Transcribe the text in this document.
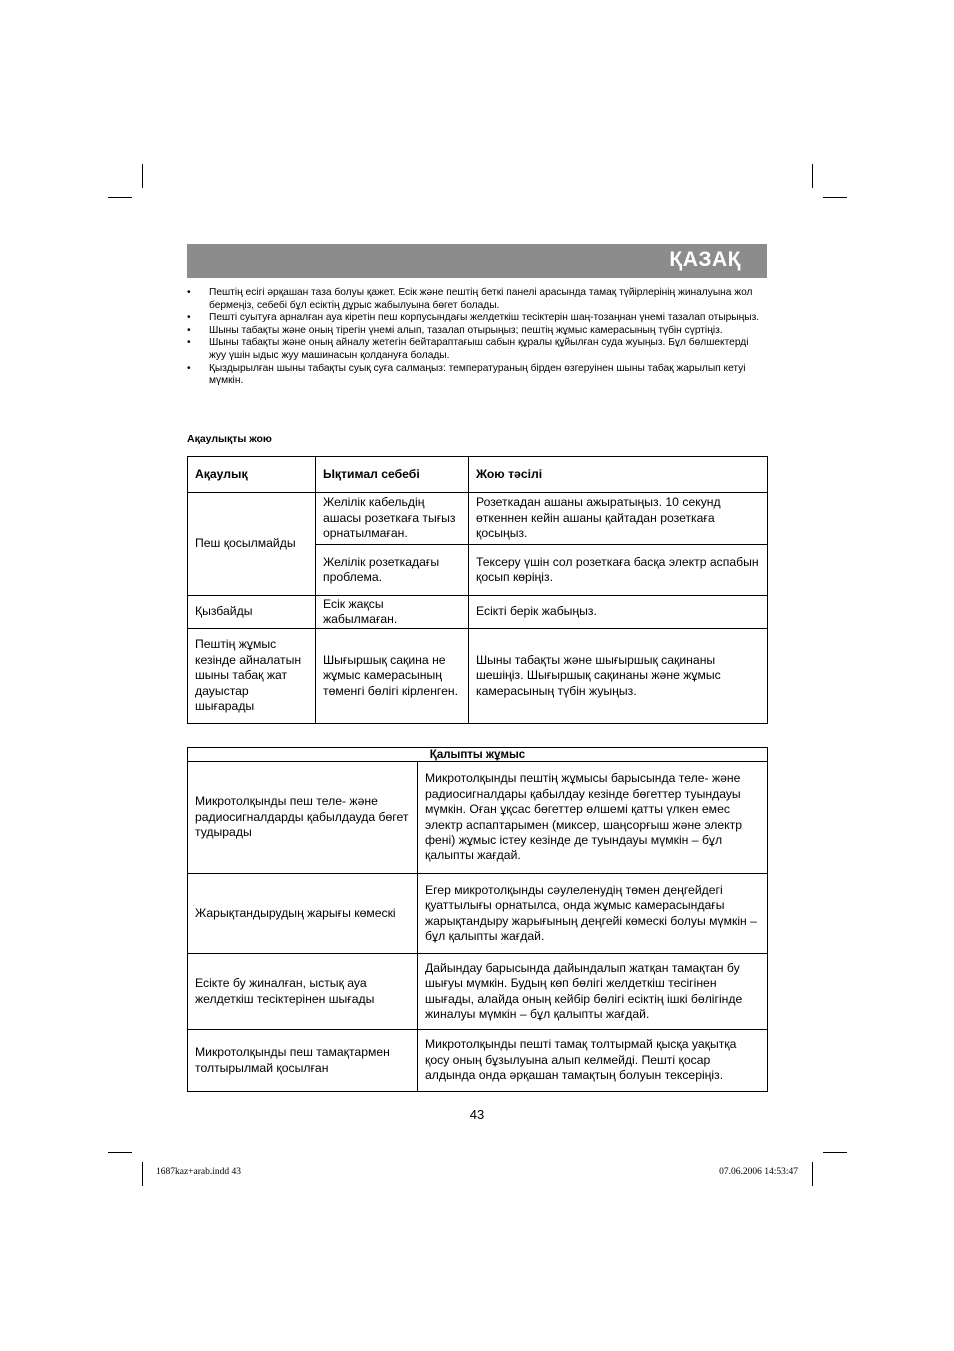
ҚАЗАҚ
• Пештің есігі әрқашан таза болуы қажет. Есік және пештің беткі панелі арасында тамақ түйірлерінің жиналуына жол бермеңіз, себебі бұл есіктің дұрыс жабылуына бөгет болады.
• Пешті суытуға арналған ауа кіретін пеш корпусындағы желдеткіш тесіктерін шаң-тозаңнан үнемі тазалап отырыңыз.
• Шыны табақты және оның тірегін үнемі алып, тазалап отырыңыз; пештің жұмыс камерасының түбін сүртіңіз.
• Шыны табақты және оның айналу жетегін бейтараптағыш сабын құралы құйылған суда жуыңыз. Бұл бөлшектерді жуу үшін ыдыс жуу машинасын қолдануға болады.
• Қыздырылған шыны табақты суық суға салмаңыз: температураның бірден өзгеруінен шыны табақ жарылып кетуі мүмкін.
Ақаулықты жою
Ақаулық	Ықтимал себебі	Жою тәсілі
Пеш қосылмайды	Желілік кабельдің ашасы розеткаға тығыз орнатылмаған.	Розеткадан ашаны ажыратыңыз. 10 секунд өткеннен кейін ашаны қайтадан розеткаға қосыңыз.
	Желілік розеткадағы проблема.	Тексеру үшін сол розеткаға басқа электр аспабын қосып көріңіз.
Қызбайды	Есік жақсы жабылмаған.	Есікті берік жабыңыз.
Пештің жұмыс кезінде айналатын шыны табақ жат дауыстар шығарады	Шығыршық сақина не жұмыс камерасының төменгі бөлігі кірленген.	Шыны табақты және шығыршық сақинаны шешіңіз. Шығыршық сақинаны және жұмыс камерасының түбін жуыңыз.
Қалыпты жұмыс	
Микротолқынды пеш теле- және радиосигналдарды қабылдауда бөгет тудырады	Микротолқынды пештің жұмысы барысында теле- және радиосигналдары қабылдау кезінде бөгеттер туындауы мүмкін. Оған ұқсас бөгеттер өлшемі қатты үлкен емес электр аспаптарымен (миксер, шаңсорғыш және электр фені) жұмыс істеу кезінде де туындауы мүмкін – бұл қалыпты жағдай.
Жарықтандырудың жарығы көмескі	Егер микротолқынды сәулеленудің төмен деңгейдегі қуаттылығы орнатылса, онда жұмыс камерасындағы жарықтандыру жарығының деңгейі көмескі болуы мүмкін – бұл қалыпты жағдай.
Есікте бу жиналған, ыстық ауа желдеткіш тесіктерінен шығады	Дайындау барысында дайындалып жатқан тамақтан бу шығуы мүмкін. Будың көп бөлігі желдеткіш тесігінен шығады, алайда оның кейбір бөлігі есіктің ішкі бөлігінде жиналуы мүмкін – бұл қалыпты жағдай.
Микротолқынды пеш тамақтармен толтырылмай қосылған	Микротолқынды пешті тамақ толтырмай қысқа уақытқа қосу оның бұзылуына алып келмейді. Пешті қосар алдында онда әрқашан тамақтың болуын тексеріңіз.
43
1687kaz+arab.indd 43	07.06.2006 14:53:47
